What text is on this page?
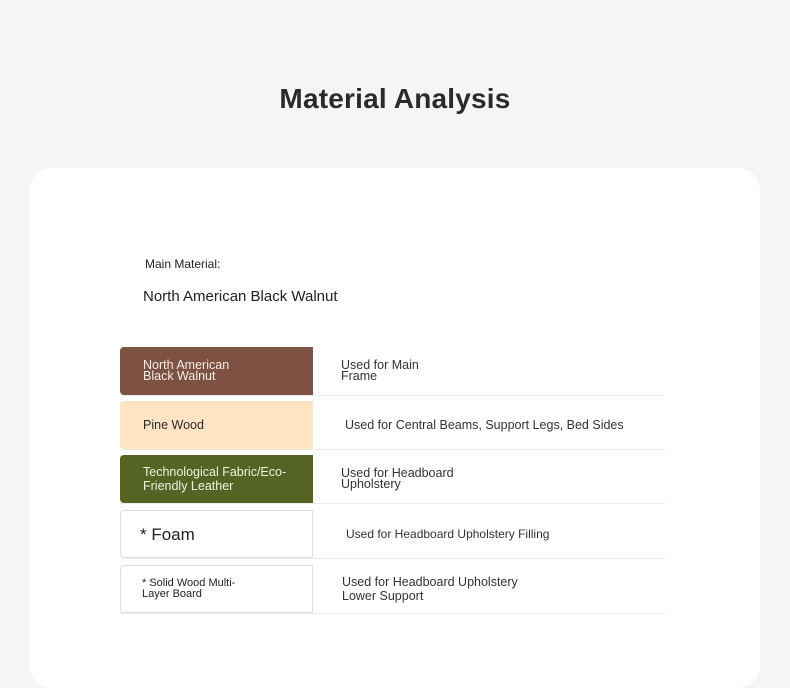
Material Analysis
Main Material:
North American Black Walnut
North American Black Walnut
Used for Main Frame
Pine Wood	Used for Central Beams, Support Legs, Bed Sides
Technological Fabric/Eco-Friendly Leather
Used for Headboard Upholstery
* Foam	Used for Headboard Upholstery Filling
* Solid Wood Multi-Layer Board
Used for Headboard Upholstery Lower Support
